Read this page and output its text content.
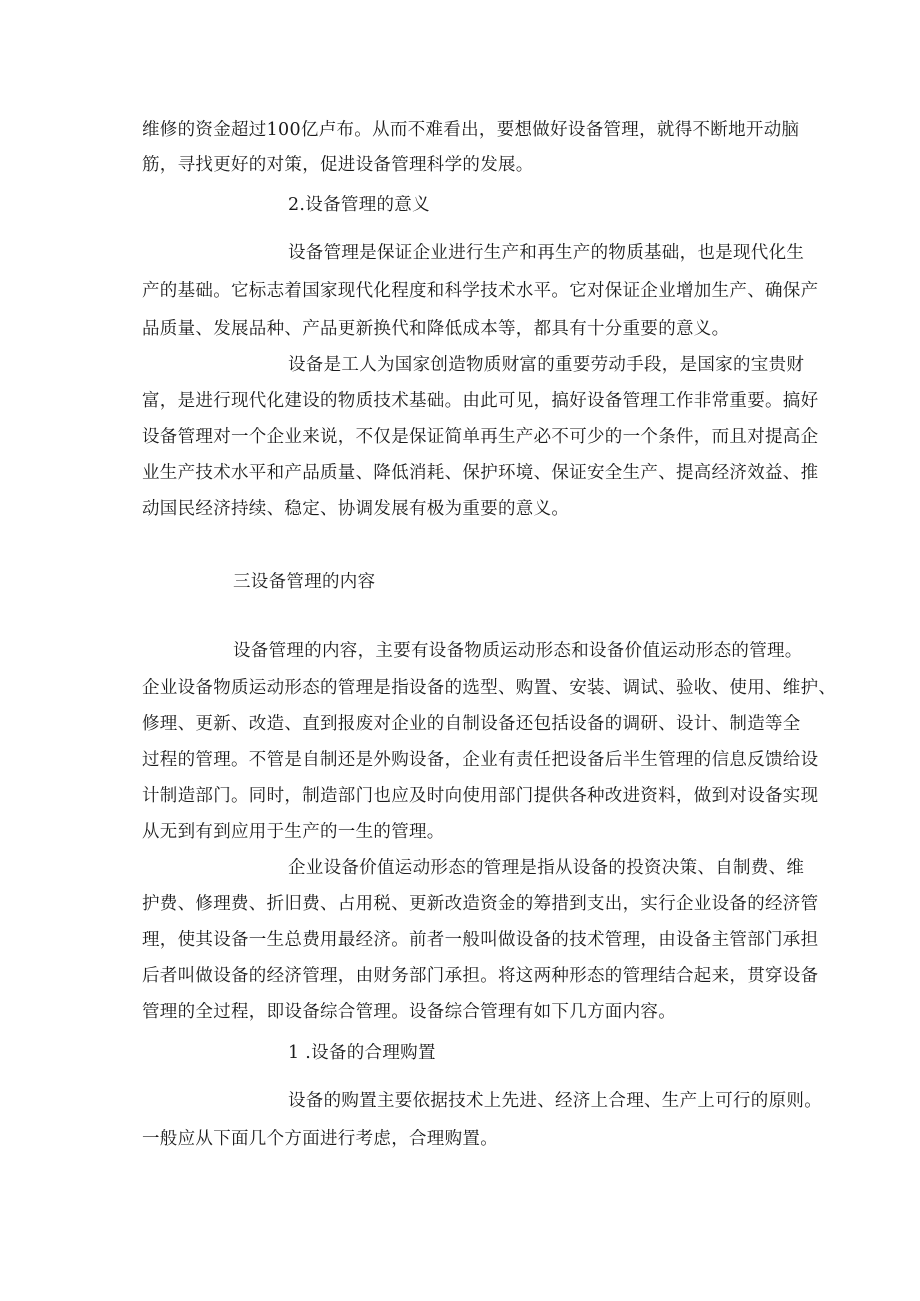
维修的资金超过100亿卢布。从而不难看出，要想做好设备管理，就得不断地开动脑
筋，寻找更好的对策，促进设备管理科学的发展。
2.设备管理的意义
设备管理是保证企业进行生产和再生产的物质基础，也是现代化生
产的基础。它标志着国家现代化程度和科学技术水平。它对保证企业增加生产、确保产
品质量、发展品种、产品更新换代和降低成本等，都具有十分重要的意义。
设备是工人为国家创造物质财富的重要劳动手段，是国家的宝贵财
富，是进行现代化建设的物质技术基础。由此可见，搞好设备管理工作非常重要。搞好
设备管理对一个企业来说，不仅是保证简单再生产必不可少的一个条件，而且对提高企
业生产技术水平和产品质量、降低消耗、保护环境、保证安全生产、提高经济效益、推
动国民经济持续、稳定、协调发展有极为重要的意义。
三设备管理的内容
设备管理的内容，主要有设备物质运动形态和设备价值运动形态的管理。
企业设备物质运动形态的管理是指设备的选型、购置、安装、调试、验收、使用、维护、
修理、更新、改造、直到报废对企业的自制设备还包括设备的调研、设计、制造等全
过程的管理。不管是自制还是外购设备，企业有责任把设备后半生管理的信息反馈给设
计制造部门。同时，制造部门也应及时向使用部门提供各种改进资料，做到对设备实现
从无到有到应用于生产的一生的管理。
企业设备价值运动形态的管理是指从设备的投资决策、自制费、维
护费、修理费、折旧费、占用税、更新改造资金的筹措到支出，实行企业设备的经济管
理，使其设备一生总费用最经济。前者一般叫做设备的技术管理，由设备主管部门承担
后者叫做设备的经济管理，由财务部门承担。将这两种形态的管理结合起来，贯穿设备
管理的全过程，即设备综合管理。设备综合管理有如下几方面内容。
1 .设备的合理购置
设备的购置主要依据技术上先进、经济上合理、生产上可行的原则。
一般应从下面几个方面进行考虑，合理购置。
